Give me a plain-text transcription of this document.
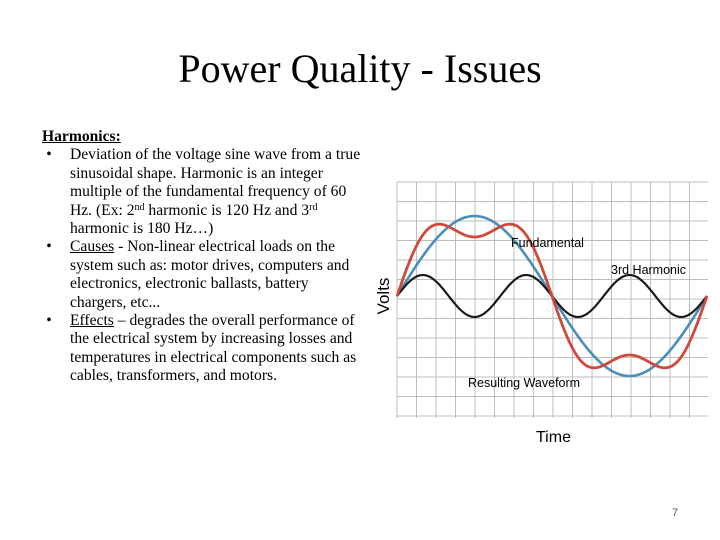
Power Quality - Issues
Harmonics:
• Deviation of the voltage sine wave from a true sinusoidal shape. Harmonic is an integer multiple of the fundamental frequency of 60 Hz. (Ex: 2nd harmonic is 120 Hz and 3rd harmonic is 180 Hz…)
• Causes - Non-linear electrical loads on the system such as: motor drives, computers and electronics, electronic ballasts, battery chargers, etc...
• Effects – degrades the overall performance of the electrical system by increasing losses and temperatures in electrical components such as cables, transformers, and motors.
Volts
Fundamental
3rd Harmonic
Resulting Waveform
Time
7
